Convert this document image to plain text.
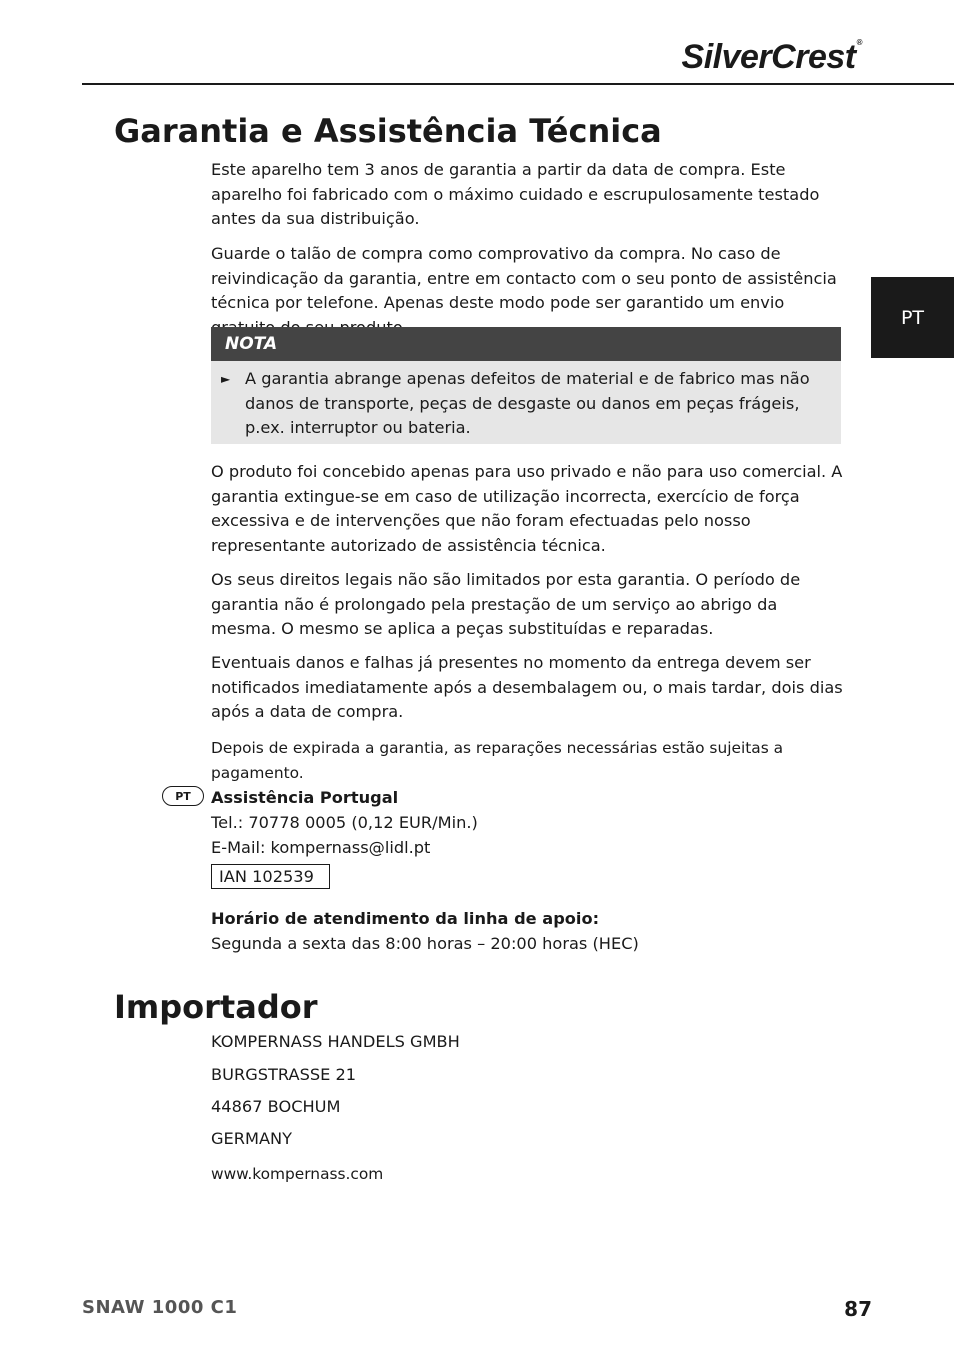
SilverCrest®
PT
Garantia e Assistência Técnica

Este aparelho tem 3 anos de garantia a partir da data de compra. Este aparelho foi fabricado com o máximo cuidado e escrupulosamente testado antes da sua distribuição.

Guarde o talão de compra como comprovativo da compra. No caso de reivindicação da garantia, entre em contacto com o seu ponto de assistência técnica por telefone. Apenas deste modo pode ser garantido um envio

NOTA
► A garantia abrange apenas defeitos de material e de fabrico mas não danos de transporte, peças de desgaste ou danos em peças frágeis, p.ex. interruptor ou bateria.

O produto foi concebido apenas para uso privado e não para uso comercial. A garantia extingue-se em caso de utilização incorrecta, exercício de força excessiva e de intervenções que não foram efectuadas pelo nosso representante autorizado de assistência técnica.

Os seus direitos legais não são limitados por esta garantia. O período de garantia não é prolongado pela prestação de um serviço ao abrigo da mesma. O mesmo se aplica a peças substituídas e reparadas.

Eventuais danos e falhas já presentes no momento da entrega devem ser notificados imediatamente após a desembalagem ou, o mais tardar, dois dias após a data de compra.

Depois de expirada a garantia, as reparações necessárias estão sujeitas a pagamento.

PT	Assistência Portugal
Tel.: 70778 0005 (0,12 EUR/Min.)
E-Mail: kompernass@lidl.pt
IAN 102539
Horário de atendimento da linha de apoio:
Segunda a sexta das 8:00 horas – 20:00 horas (HEC)
Importador
KOMPERNASS HANDELS GMBH
BURGSTRASSE 21
44867 BOCHUM
GERMANY
www.kompernass.com
SNAW 1000 C1	87
